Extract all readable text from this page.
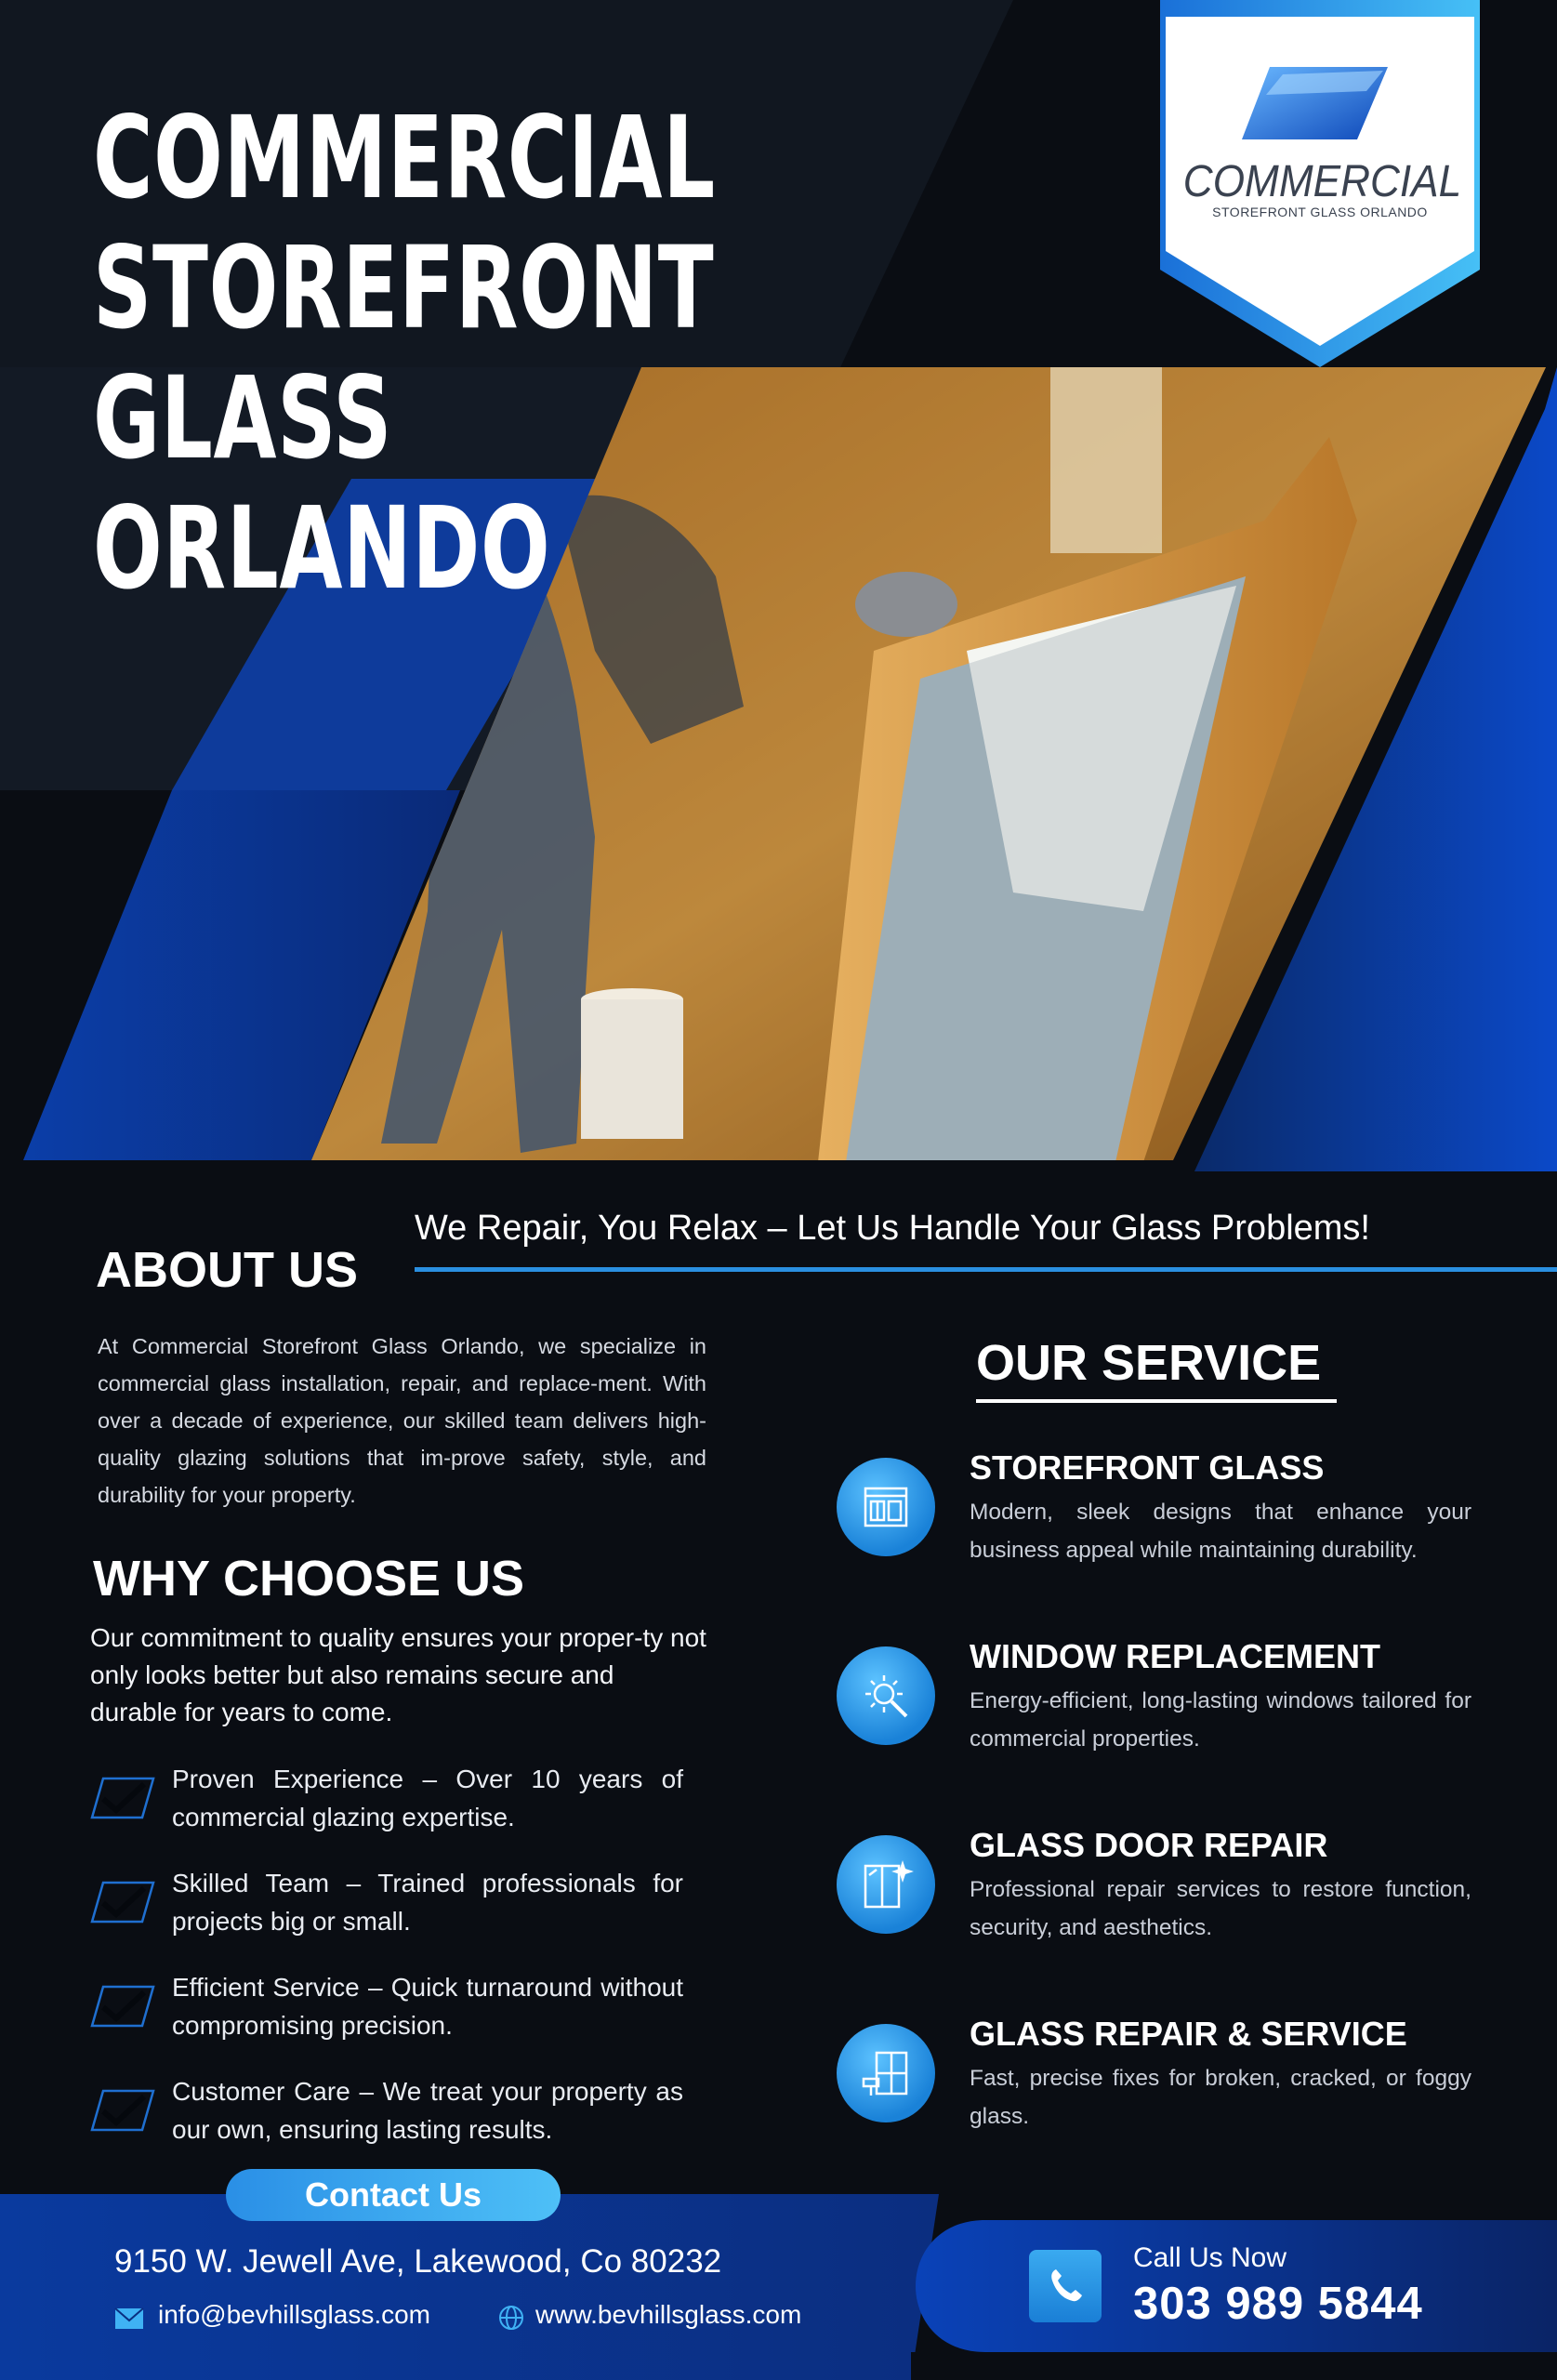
COMMERCIAL
STOREFRONT GLASS
ORLANDO
COMMERCIAL
STOREFRONT GLASS ORLANDO
We Repair, You Relax – Let Us Handle Your Glass Problems!
ABOUT US
At Commercial Storefront Glass Orlando, we specialize in commercial glass installation, repair, and replace-ment. With over a decade of experience, our skilled team delivers high-quality glazing solutions that im-prove safety, style, and durability for your property.
WHY CHOOSE US
Our commitment to quality ensures your proper-ty not only looks better but also remains secure and durable for years to come.
Proven Experience – Over 10 years of commercial glazing expertise.
Skilled Team – Trained professionals for projects big or small.
Efficient Service – Quick turnaround without compromising precision.
Customer Care – We treat your property as our own, ensuring lasting results.
OUR SERVICE
STOREFRONT GLASS
Modern, sleek designs that enhance your business appeal while maintaining durability.
WINDOW REPLACEMENT
Energy-efficient, long-lasting windows tailored for commercial properties.
GLASS DOOR REPAIR
Professional repair services to restore function, security, and aesthetics.
GLASS REPAIR & SERVICE
Fast, precise fixes for broken, cracked, or foggy glass.
Contact Us
9150 W. Jewell Ave, Lakewood, Co 80232
info@bevhillsglass.com	www.bevhillsglass.com
Call Us Now
303 989 5844
